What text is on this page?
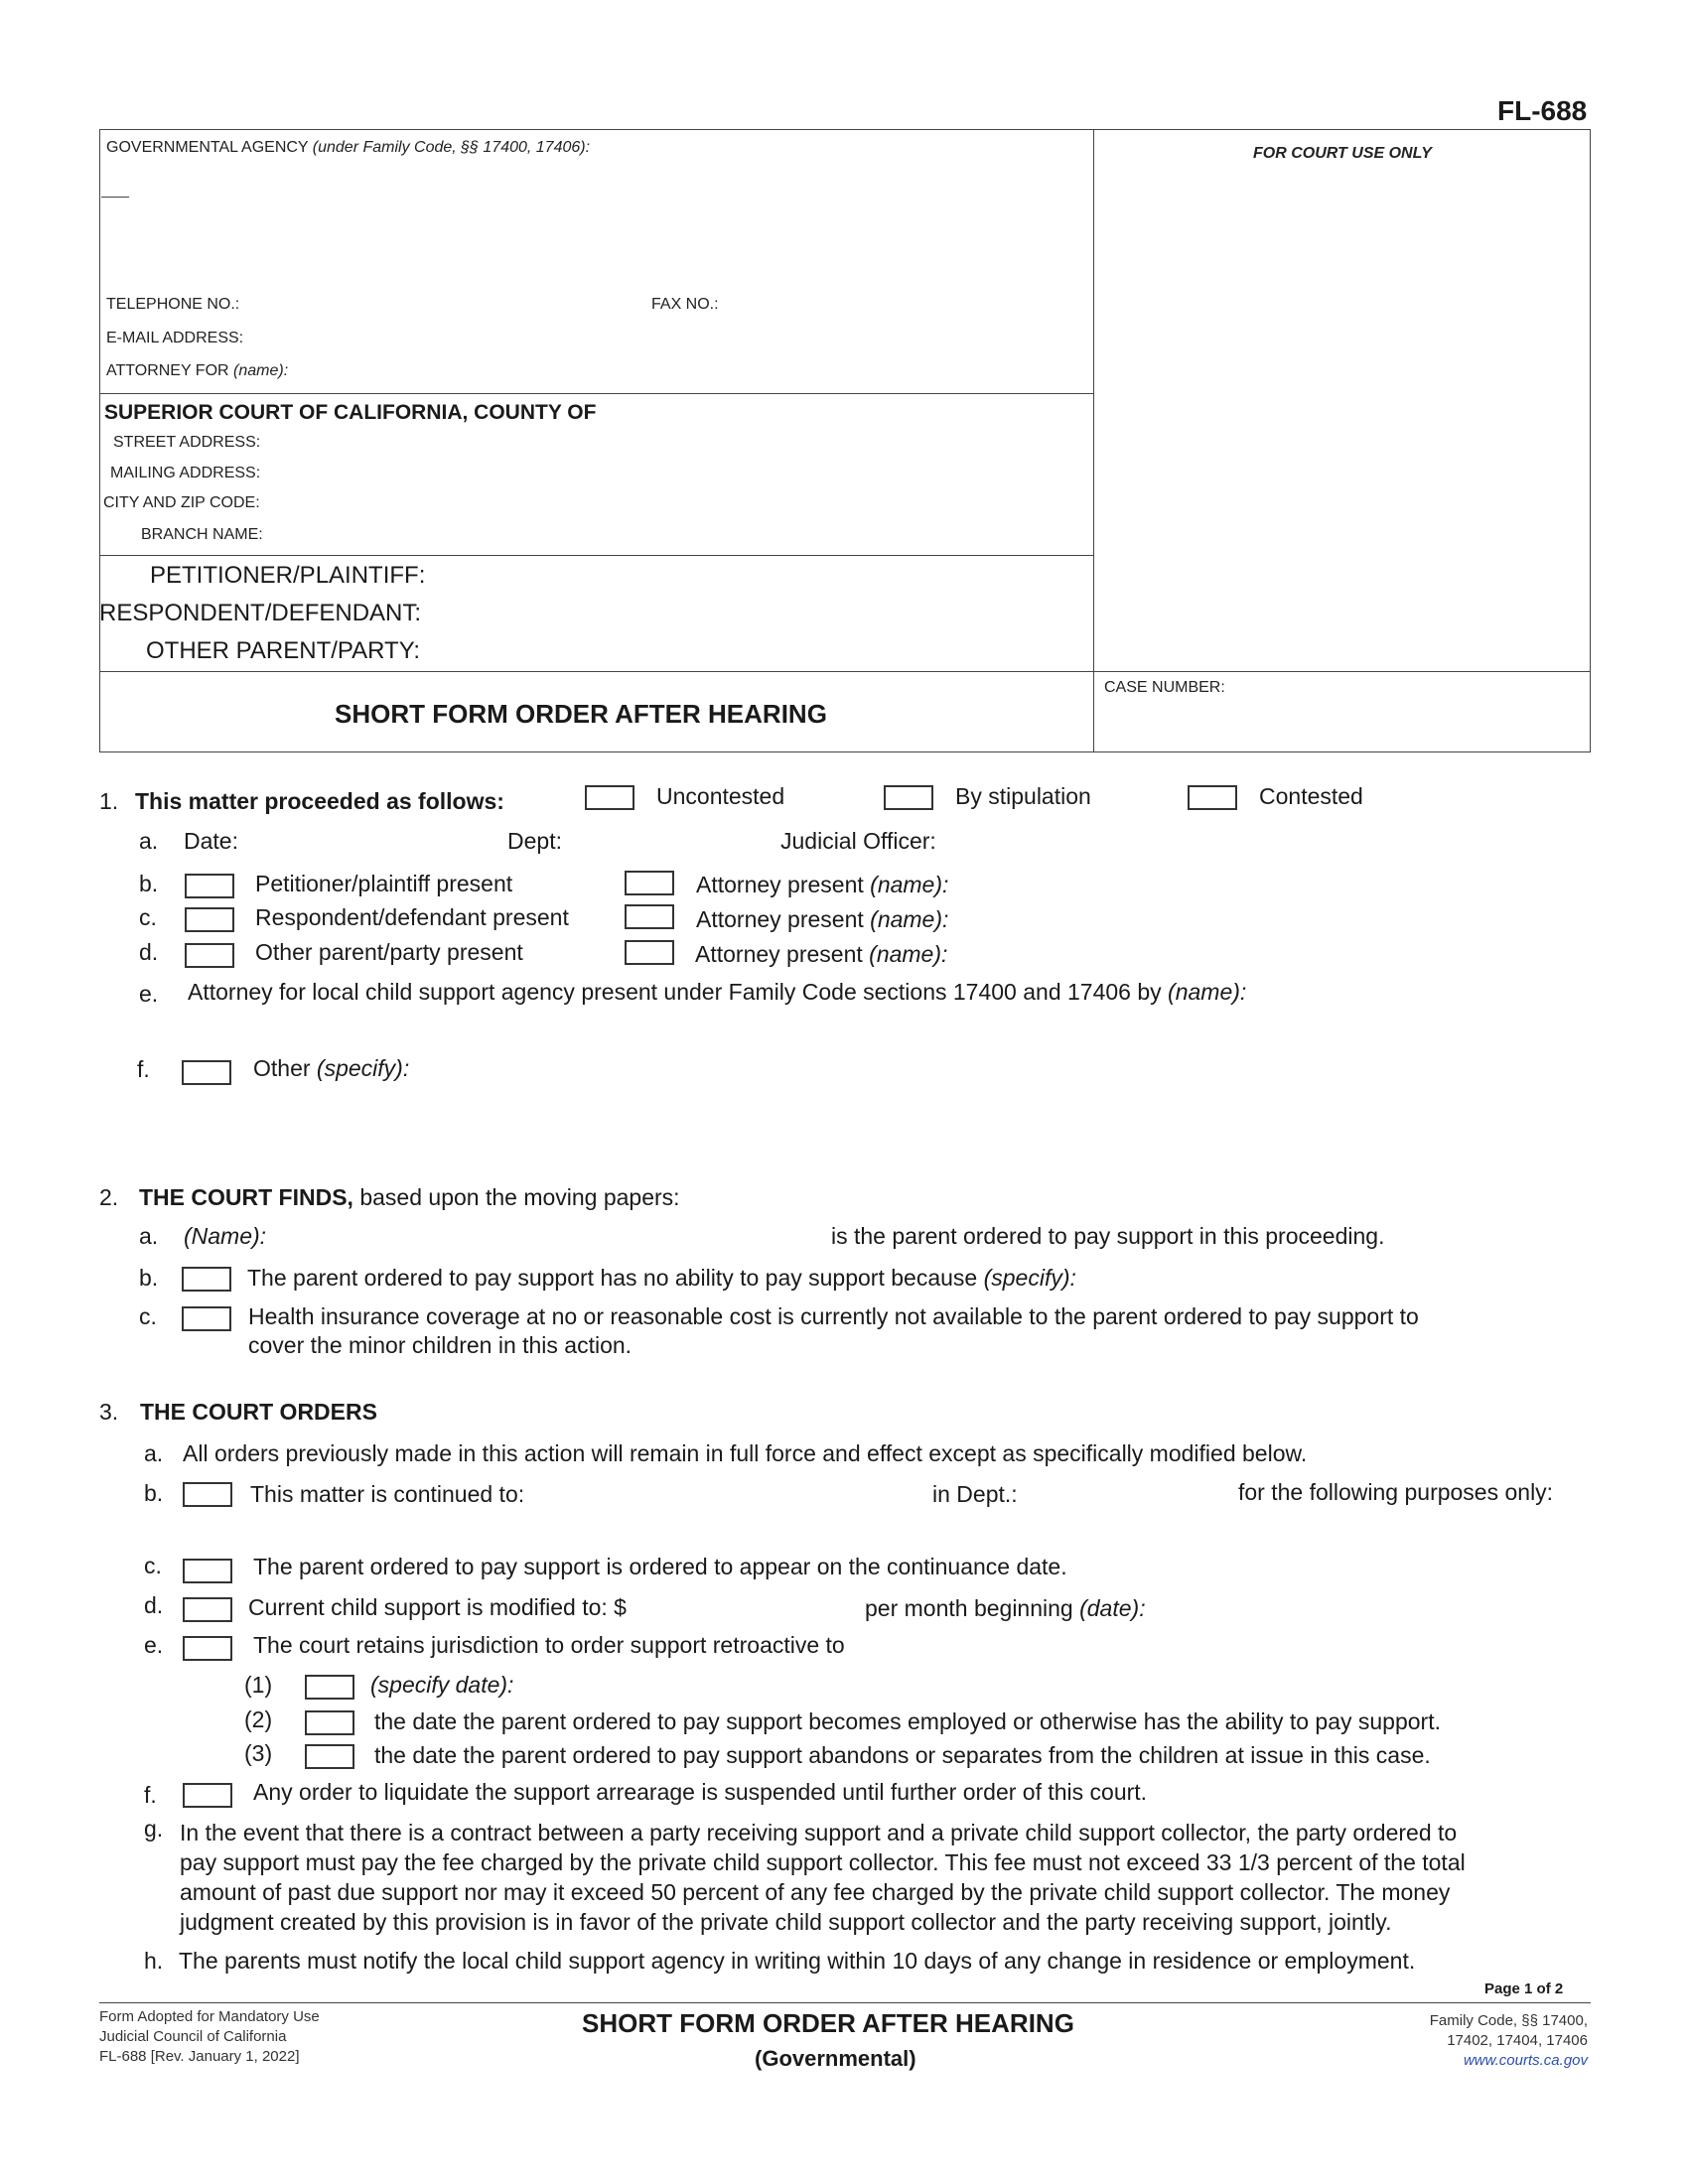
FL-688
GOVERNMENTAL AGENCY (under Family Code, §§ 17400, 17406):
TELEPHONE NO.:	FAX NO.:
E-MAIL ADDRESS:
ATTORNEY FOR (name):
FOR COURT USE ONLY
SUPERIOR COURT OF CALIFORNIA, COUNTY OF
STREET ADDRESS:
MAILING ADDRESS:
CITY AND ZIP CODE:
BRANCH NAME:
PETITIONER/PLAINTIFF:
RESPONDENT/DEFENDANT:
OTHER PARENT/PARTY:
SHORT FORM ORDER AFTER HEARING
CASE NUMBER:
1. This matter proceeded as follows:	Uncontested	By stipulation	Contested
a. Date:	Dept:	Judicial Officer:
b.	Petitioner/plaintiff present	Attorney present (name):
c.	Respondent/defendant present	Attorney present (name):
d.	Other parent/party present	Attorney present (name):
e. Attorney for local child support agency present under Family Code sections 17400 and 17406 by (name):
f.	Other (specify):
2. THE COURT FINDS, based upon the moving papers:
a. (Name):	is the parent ordered to pay support in this proceeding.
b.	The parent ordered to pay support has no ability to pay support because (specify):
c.	Health insurance coverage at no or reasonable cost is currently not available to the parent ordered to pay support to
cover the minor children in this action.
3. THE COURT ORDERS
a. All orders previously made in this action will remain in full force and effect except as specifically modified below.
b.	This matter is continued to:	in Dept.:	for the following purposes only:
c.	The parent ordered to pay support is ordered to appear on the continuance date.
d.	Current child support is modified to: $	per month beginning (date):
e.	The court retains jurisdiction to order support retroactive to
(1)	(specify date):
(2)	the date the parent ordered to pay support becomes employed or otherwise has the ability to pay support.
(3)	the date the parent ordered to pay support abandons or separates from the children at issue in this case.
f.	Any order to liquidate the support arrearage is suspended until further order of this court.
g. In the event that there is a contract between a party receiving support and a private child support collector, the party ordered to
pay support must pay the fee charged by the private child support collector. This fee must not exceed 33 1/3 percent of the total
amount of past due support nor may it exceed 50 percent of any fee charged by the private child support collector. The money
judgment created by this provision is in favor of the private child support collector and the party receiving support, jointly.
h. The parents must notify the local child support agency in writing within 10 days of any change in residence or employment.
Page 1 of 2
Form Adopted for Mandatory Use
Judicial Council of California
FL-688 [Rev. January 1, 2022]
SHORT FORM ORDER AFTER HEARING
(Governmental)
Family Code, §§ 17400,
17402, 17404, 17406
www.courts.ca.gov
